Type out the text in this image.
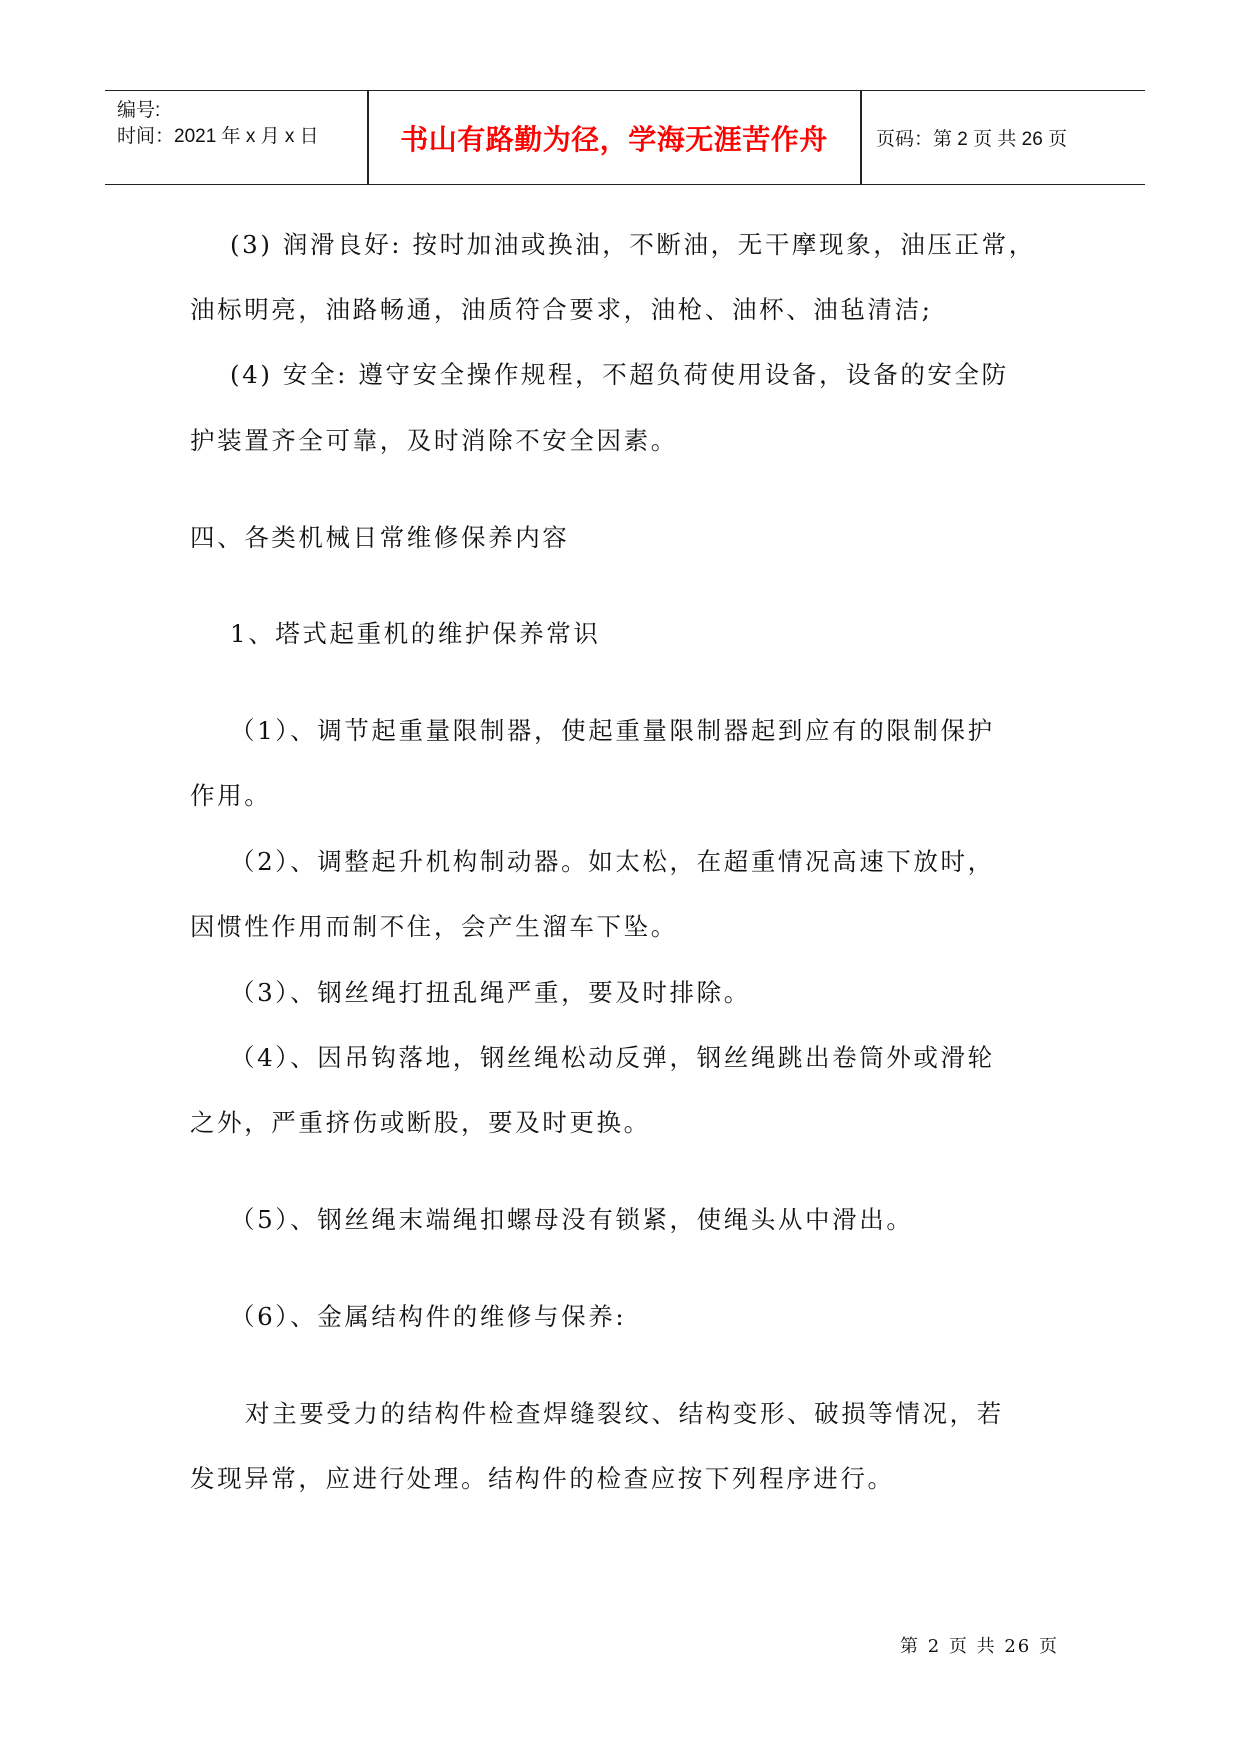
编号:
时间：2021 年 x 月 x 日	书山有路勤为径，学海无涯苦作舟	页码：第 2 页 共 26 页

(3) 润滑良好: 按时加油或换油，不断油，无干摩现象，油压正常，

油标明亮，油路畅通，油质符合要求，油枪、油杯、油毡清洁;

(4) 安全: 遵守安全操作规程，不超负荷使用设备，设备的安全防

护装置齐全可靠，及时消除不安全因素。

四、各类机械日常维修保养内容

1、塔式起重机的维护保养常识

（1）、调节起重量限制器，使起重量限制器起到应有的限制保护

作用。

（2）、调整起升机构制动器。如太松，在超重情况高速下放时，

因惯性作用而制不住，会产生溜车下坠。

（3）、钢丝绳打扭乱绳严重，要及时排除。

（4）、因吊钩落地，钢丝绳松动反弹，钢丝绳跳出卷筒外或滑轮

之外，严重挤伤或断股，要及时更换。

（5）、钢丝绳末端绳扣螺母没有锁紧，使绳头从中滑出。

（6）、金属结构件的维修与保养:

对主要受力的结构件检查焊缝裂纹、结构变形、破损等情况，若

发现异常，应进行处理。结构件的检查应按下列程序进行。

第 2 页 共 26 页
